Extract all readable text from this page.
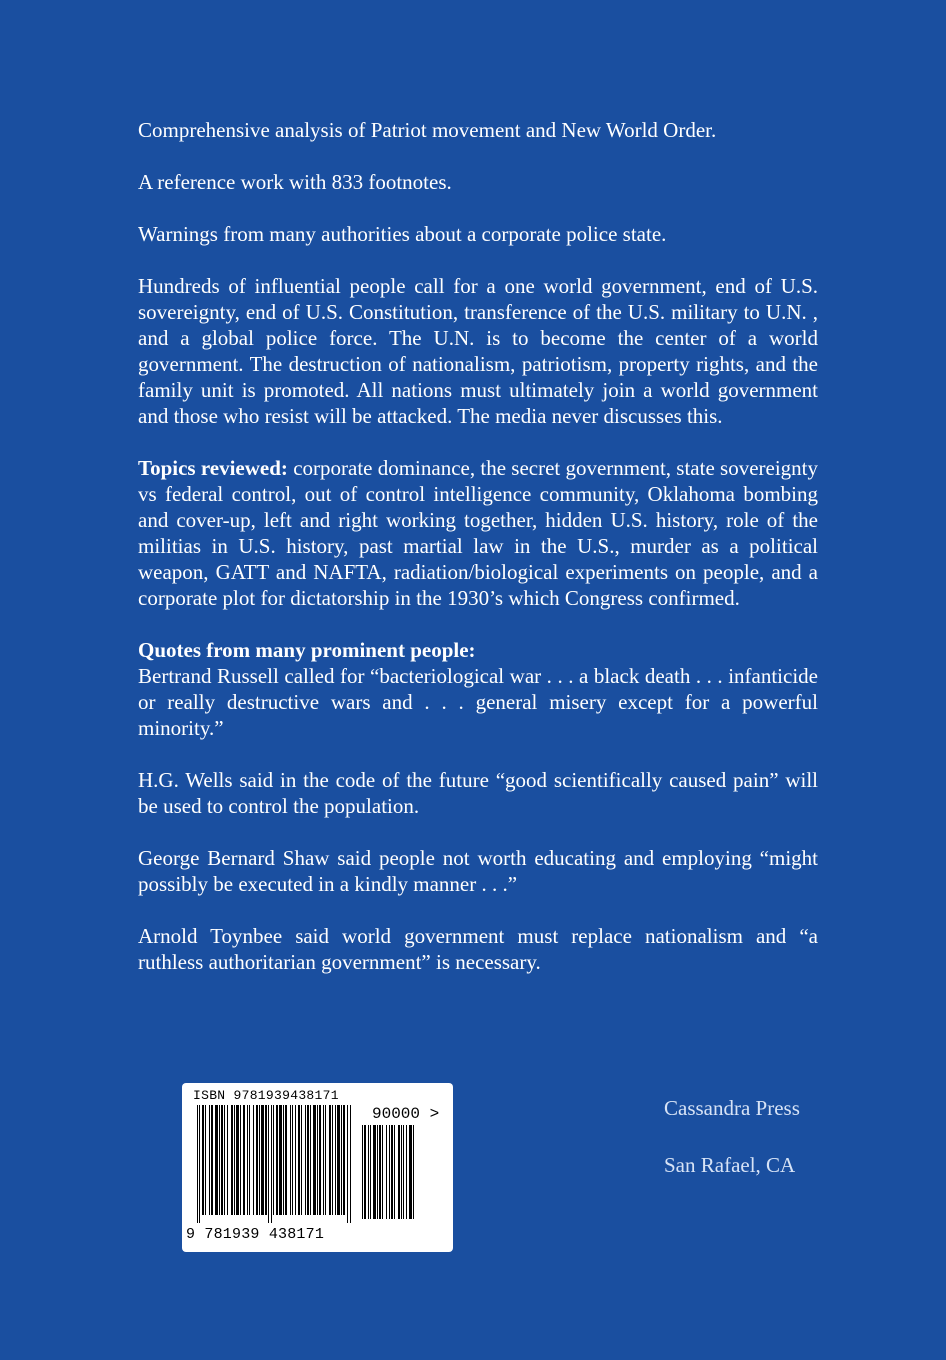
Comprehensive analysis of Patriot movement and New World Order.

A reference work with 833 footnotes.

Warnings from many authorities about a corporate police state.

Hundreds of influential people call for a one world government, end of U.S. sovereignty, end of U.S. Constitution, transference of the U.S. military to U.N. , and a global police force. The U.N. is to become the center of a world government. The destruction of nationalism, patriotism, property rights, and the family unit is promoted. All nations must ultimately join a world government and those who resist will be attacked. The media never discusses this.

Topics reviewed: corporate dominance, the secret government, state sovereignty vs federal control, out of control intelligence community, Oklahoma bombing and cover-up, left and right working together, hidden U.S. history, role of the militias in U.S. history, past martial law in the U.S., murder as a political weapon, GATT and NAFTA, radiation/biological experiments on people, and a corporate plot for dictatorship in the 1930’s which Congress confirmed.

Quotes from many prominent people:
Bertrand Russell called for “bacteriological war . . . a black death . . . infanticide or really destructive wars and . . . general misery except for a powerful minority.”

H.G. Wells said in the code of the future “good scientifically caused pain” will be used to control the population.

George Bernard Shaw said people not worth educating and employing “might possibly be executed in a kindly manner . . .”

Arnold Toynbee said world government must replace nationalism and “a ruthless authoritarian government” is necessary.

ISBN 9781939438171
90000 >
9 781939 438171
Cassandra Press
San Rafael, CA
